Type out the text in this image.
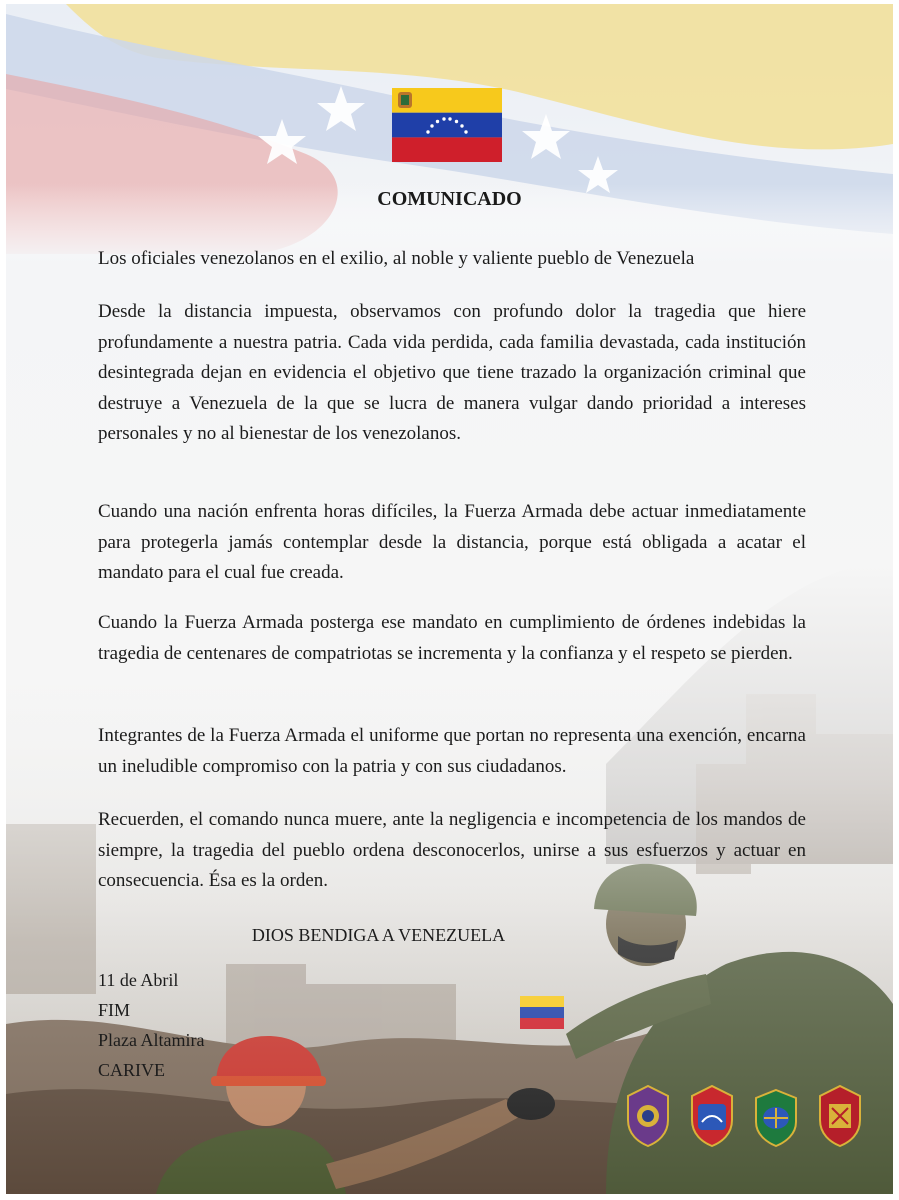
COMUNICADO
Los oficiales venezolanos en el exilio, al noble y valiente pueblo de Venezuela
Desde la distancia impuesta, observamos con profundo dolor la tragedia que hiere profundamente a nuestra patria. Cada vida perdida, cada familia devastada, cada institución desintegrada dejan en evidencia el objetivo que tiene trazado la organización criminal que destruye a Venezuela de la que se lucra de manera vulgar dando prioridad a intereses personales y no al bienestar de los venezolanos.
Cuando una nación enfrenta horas difíciles, la Fuerza Armada debe actuar inmediatamente para protegerla jamás contemplar desde la distancia, porque está obligada a acatar el mandato para el cual fue creada.
Cuando la Fuerza Armada posterga ese mandato en cumplimiento de órdenes indebidas la tragedia de centenares de compatriotas se incrementa y la confianza y el respeto se pierden.
Integrantes de la Fuerza Armada el uniforme que portan no representa una exención, encarna un ineludible compromiso con la patria y con sus ciudadanos.
Recuerden, el comando nunca muere, ante la negligencia e incompetencia de los mandos de siempre, la tragedia del pueblo ordena desconocerlos, unirse a sus esfuerzos y actuar en consecuencia. Ésa es la orden.
DIOS BENDIGA A VENEZUELA
11 de Abril
FIM
Plaza Altamira
CARIVE
